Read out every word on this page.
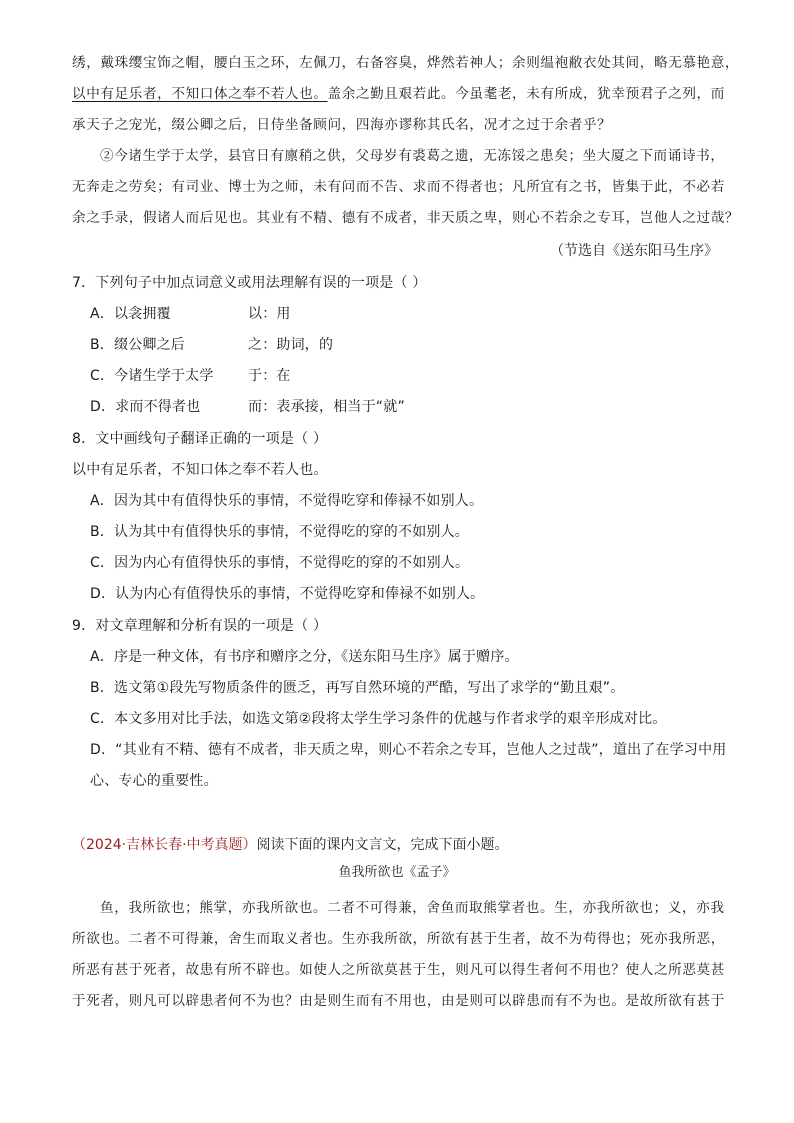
绣，戴珠缨宝饰之帽，腰白玉之环，左佩刀，右备容臭，烨然若神人；余则缊袍敝衣处其间，略无慕艳意，
以中有足乐者，不知口体之奉不若人也。盖余之勤且艰若此。今虽耄老，未有所成，犹幸预君子之列，而
承天子之宠光，缀公卿之后，日侍坐备顾问，四海亦谬称其氏名，况才之过于余者乎？
②今诸生学于太学，县官日有廪稍之供，父母岁有裘葛之遗，无冻馁之患矣；坐大厦之下而诵诗书，
无奔走之劳矣；有司业、博士为之师，未有问而不告、求而不得者也；凡所宜有之书，皆集于此，不必若
余之手录，假诸人而后见也。其业有不精、德有不成者，非天质之卑，则心不若余之专耳，岂他人之过哉？
（节选自《送东阳马生序》
7．下列句子中加点词意义或用法理解有误的一项是（ ）
A．以衾拥覆	以：用
B．缀公卿之后	之：助词，的
C．今诸生学于太学 于：在
D．求而不得者也	而：表承接，相当于“就”
8．文中画线句子翻译正确的一项是（ ）
以中有足乐者，不知口体之奉不若人也。
A．因为其中有值得快乐的事情，不觉得吃穿和俸禄不如别人。
B．认为其中有值得快乐的事情，不觉得吃的穿的不如别人。
C．因为内心有值得快乐的事情，不觉得吃的穿的不如别人。
D．认为内心有值得快乐的事情，不觉得吃穿和俸禄不如别人。
9．对文章理解和分析有误的一项是（ ）
A．序是一种文体，有书序和赠序之分，《送东阳马生序》属于赠序。
B．选文第①段先写物质条件的匮乏，再写自然环境的严酷，写出了求学的“勤且艰”。
C．本文多用对比手法，如选文第②段将太学生学习条件的优越与作者求学的艰辛形成对比。
D．“其业有不精、德有不成者，非天质之卑，则心不若余之专耳，岂他人之过哉”，道出了在学习中用
心、专心的重要性。
（2024·吉林长春·中考真题）阅读下面的课内文言文，完成下面小题。
鱼我所欲也《孟子》
鱼，我所欲也；熊掌，亦我所欲也。二者不可得兼，舍鱼而取熊掌者也。生，亦我所欲也；义，亦我
所欲也。二者不可得兼，舍生而取义者也。生亦我所欲，所欲有甚于生者，故不为苟得也；死亦我所恶，
所恶有甚于死者，故患有所不辟也。如使人之所欲莫甚于生，则凡可以得生者何不用也？使人之所恶莫甚
于死者，则凡可以辟患者何不为也？由是则生而有不用也，由是则可以辟患而有不为也。是故所欲有甚于
